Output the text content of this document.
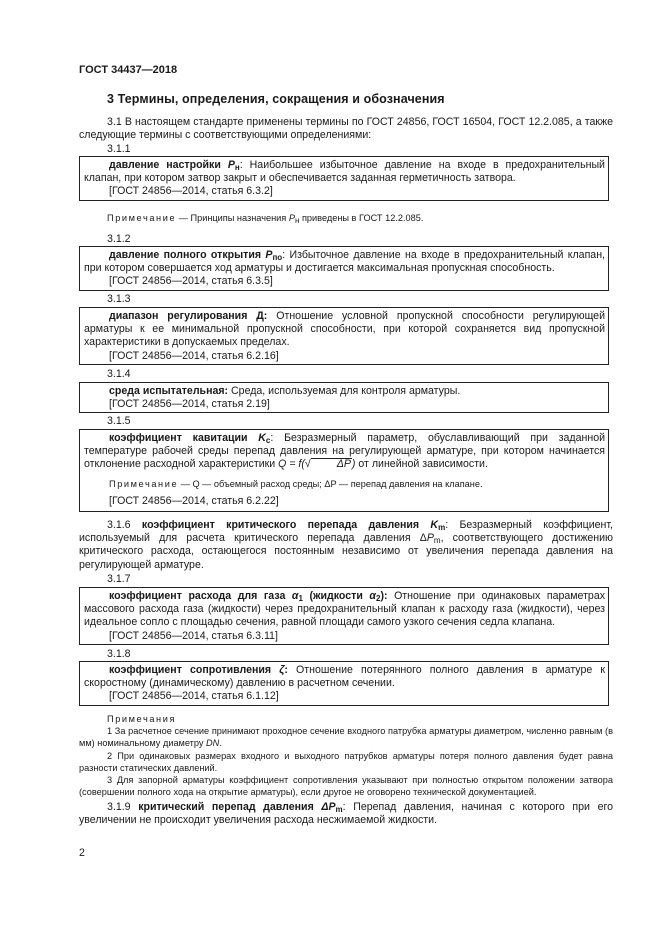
ГОСТ 34437—2018
3 Термины, определения, сокращения и обозначения
3.1 В настоящем стандарте применены термины по ГОСТ 24856, ГОСТ 16504, ГОСТ 12.2.085, а также следующие термины с соответствующими определениями:
3.1.1
давление настройки $P_н$: Наибольшее избыточное давление на входе в предохранительный клапан, при котором затвор закрыт и обеспечивается заданная герметичность затвора.
[ГОСТ 24856—2014, статья 6.3.2]
Примечание — Принципы назначения $P_н$ приведены в ГОСТ 12.2.085.
3.1.2
давление полного открытия $P_{по}$: Избыточное давление на входе в предохранительный клапан, при котором совершается ход арматуры и достигается максимальная пропускная способность.
[ГОСТ 24856—2014, статья 6.3.5]
3.1.3
диапазон регулирования Д: Отношение условной пропускной способности регулирующей арматуры к ее минимальной пропускной способности, при которой сохраняется вид пропускной характеристики в допускаемых пределах.
[ГОСТ 24856—2014, статья 6.2.16]
3.1.4
среда испытательная: Среда, используемая для контроля арматуры.
[ГОСТ 24856—2014, статья 2.19]
3.1.5
коэффициент кавитации $K_c$: Безразмерный параметр, обуславливающий при заданной температуре рабочей среды перепад давления на регулирующей арматуре, при котором начинается отклонение расходной характеристики Q = f(√ ΔP) от линейной зависимости.
Примечание — Q — объемный расход среды; ΔP — перепад давления на клапане.
[ГОСТ 24856—2014, статья 6.2.22]
3.1.6 коэффициент критического перепада давления $K_m$: Безразмерный коэффициент, используемый для расчета критического перепада давления $\Delta P_m$, соответствующего достижению критического расхода, остающегося постоянным независимо от увеличения перепада давления на регулирующей арматуре.
3.1.7
коэффициент расхода для газа $\alpha_1$ (жидкости $\alpha_2$): Отношение при одинаковых параметрах массового расхода газа (жидкости) через предохранительный клапан к расходу газа (жидкости), через идеальное сопло с площадью сечения, равной площади самого узкого сечения седла клапана.
[ГОСТ 24856—2014, статья 6.3.11]
3.1.8
коэффициент сопротивления ζ: Отношение потерянного полного давления в арматуре к скоростному (динамическому) давлению в расчетном сечении.
[ГОСТ 24856—2014, статья 6.1.12]
Примечания
1 За расчетное сечение принимают проходное сечение входного патрубка арматуры диаметром, численно равным (в мм) номинальному диаметру DN.
2 При одинаковых размерах входного и выходного патрубков арматуры потеря полного давления будет равна разности статических давлений.
3 Для запорной арматуры коэффициент сопротивления указывают при полностью открытом положении затвора (совершении полного хода на открытие арматуры), если другое не оговорено технической документацией.
3.1.9 критический перепад давления $\Delta P_m$: Перепад давления, начиная с которого при его увеличении не происходит увеличения расхода несжимаемой жидкости.
2
